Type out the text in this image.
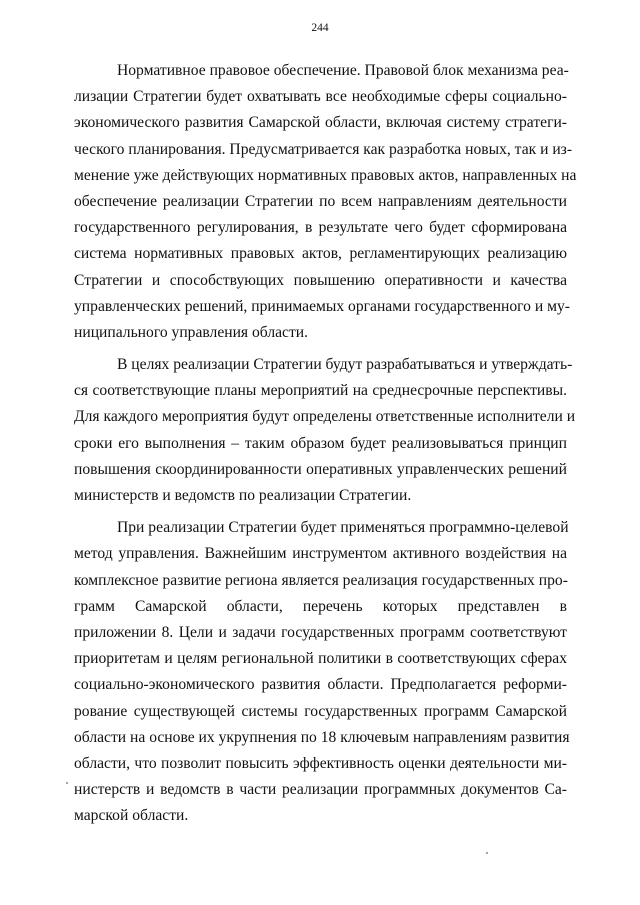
244
Нормативное правовое обеспечение. Правовой блок механизма реа-
лизации Стратегии будет охватывать все необходимые сферы социально-
экономического развития Самарской области, включая систему стратеги-
ческого планирования. Предусматривается как разработка новых, так и из-
менение уже действующих нормативных правовых актов, направленных на
обеспечение реализации Стратегии по всем направлениям деятельности
государственного регулирования, в результате чего будет сформирована
система нормативных правовых актов, регламентирующих реализацию
Стратегии и способствующих повышению оперативности и качества
управленческих решений, принимаемых органами государственного и му-
ниципального управления области.
В целях реализации Стратегии будут разрабатываться и утверждать-
ся соответствующие планы мероприятий на среднесрочные перспективы.
Для каждого мероприятия будут определены ответственные исполнители и
сроки его выполнения – таким образом будет реализовываться принцип
повышения скоординированности оперативных управленческих решений
министерств и ведомств по реализации Стратегии.
При реализации Стратегии будет применяться программно-целевой
метод управления. Важнейшим инструментом активного воздействия на
комплексное развитие региона является реализация государственных про-
грамм Самарской области, перечень которых представлен в
приложении 8. Цели и задачи государственных программ соответствуют
приоритетам и целям региональной политики в соответствующих сферах
социально-экономического развития области. Предполагается реформи-
рование существующей системы государственных программ Самарской
области на основе их укрупнения по 18 ключевым направлениям развития
области, что позволит повысить эффективность оценки деятельности ми-
нистерств и ведомств в части реализации программных документов Са-
марской области.
